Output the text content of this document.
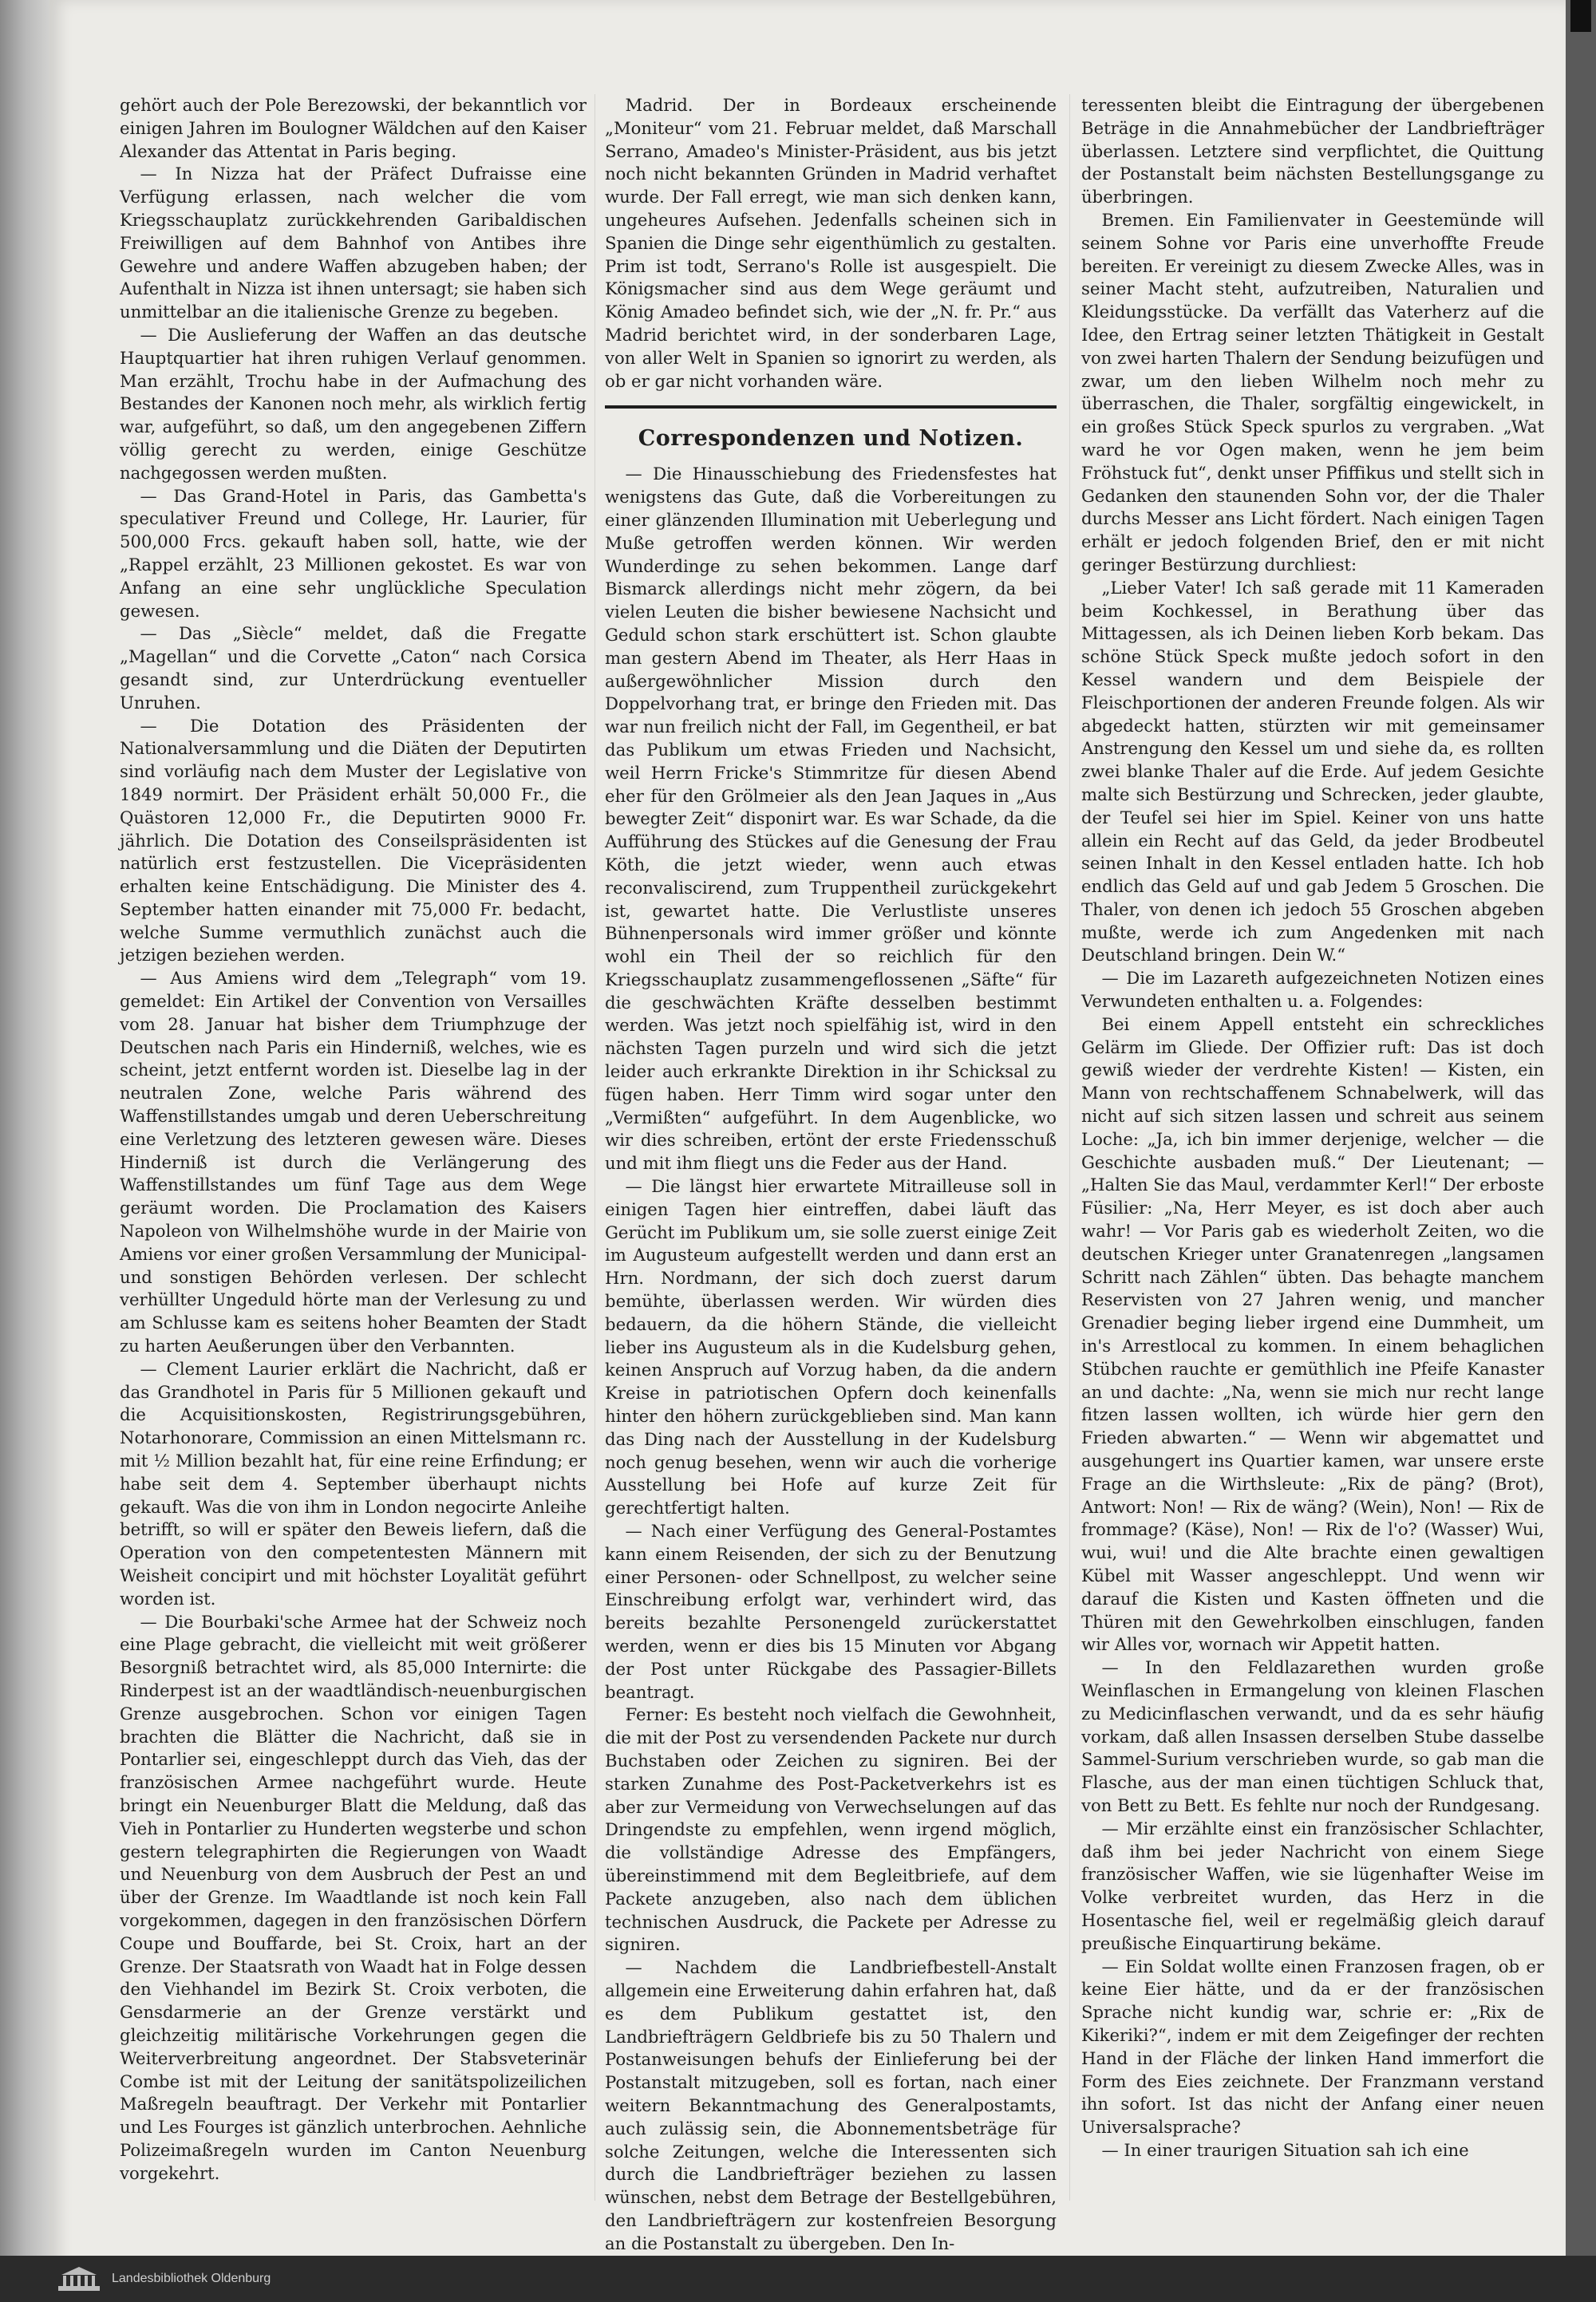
gehört auch der Pole Berezowski, der bekanntlich vor einigen Jahren im Boulogner Wäldchen auf den Kaiser Alexander das Attentat in Paris beging.

— In Nizza hat der Präfect Dufraisse eine Verfügung erlassen, nach welcher die vom Kriegsschauplatz zurückkehrenden Garibaldischen Freiwilligen auf dem Bahnhof von Antibes ihre Gewehre und andere Waffen abzugeben haben; der Aufenthalt in Nizza ist ihnen untersagt; sie haben sich unmittelbar an die italienische Grenze zu begeben.

— Die Auslieferung der Waffen an das deutsche Hauptquartier hat ihren ruhigen Verlauf genommen. Man erzählt, Trochu habe in der Aufmachung des Bestandes der Kanonen noch mehr, als wirklich fertig war, aufgeführt, so daß, um den angegebenen Ziffern völlig gerecht zu werden, einige Geschütze nachgegossen werden mußten.

— Das Grand-Hotel in Paris, das Gambetta's speculativer Freund und College, Hr. Laurier, für 500,000 Frcs. gekauft haben soll, hatte, wie der „Rappel erzählt, 23 Millionen gekostet. Es war von Anfang an eine sehr unglückliche Speculation gewesen.

— Das „Siècle“ meldet, daß die Fregatte „Magellan“ und die Corvette „Caton“ nach Corsica gesandt sind, zur Unterdrückung eventueller Unruhen.

— Die Dotation des Präsidenten der Nationalversammlung und die Diäten der Deputirten sind vorläufig nach dem Muster der Legislative von 1849 normirt. Der Präsident erhält 50,000 Fr., die Quästoren 12,000 Fr., die Deputirten 9000 Fr. jährlich. Die Dotation des Conseilspräsidenten ist natürlich erst festzustellen. Die Vicepräsidenten erhalten keine Entschädigung. Die Minister des 4. September hatten einander mit 75,000 Fr. bedacht, welche Summe vermuthlich zunächst auch die jetzigen beziehen werden.

— Aus Amiens wird dem „Telegraph“ vom 19. gemeldet: Ein Artikel der Convention von Versailles vom 28. Januar hat bisher dem Triumphzuge der Deutschen nach Paris ein Hinderniß, welches, wie es scheint, jetzt entfernt worden ist. Dieselbe lag in der neutralen Zone, welche Paris während des Waffenstillstandes umgab und deren Ueberschreitung eine Verletzung des letzteren gewesen wäre. Dieses Hinderniß ist durch die Verlängerung des Waffenstillstandes um fünf Tage aus dem Wege geräumt worden. Die Proclamation des Kaisers Napoleon von Wilhelmshöhe wurde in der Mairie von Amiens vor einer großen Versammlung der Municipal- und sonstigen Behörden verlesen. Der schlecht verhüllter Ungeduld hörte man der Verlesung zu und am Schlusse kam es seitens hoher Beamten der Stadt zu harten Aeußerungen über den Verbannten.

— Clement Laurier erklärt die Nachricht, daß er das Grandhotel in Paris für 5 Millionen gekauft und die Acquisitionskosten, Registrirungsgebühren, Notarhonorare, Commission an einen Mittelsmann rc. mit ½ Million bezahlt hat, für eine reine Erfindung; er habe seit dem 4. September überhaupt nichts gekauft. Was die von ihm in London negocirte Anleihe betrifft, so will er später den Beweis liefern, daß die Operation von den competentesten Männern mit Weisheit concipirt und mit höchster Loyalität geführt worden ist.

— Die Bourbaki'sche Armee hat der Schweiz noch eine Plage gebracht, die vielleicht mit weit größerer Besorgniß betrachtet wird, als 85,000 Internirte: die Rinderpest ist an der waadtländisch-neuenburgischen Grenze ausgebrochen. Schon vor einigen Tagen brachten die Blätter die Nachricht, daß sie in Pontarlier sei, eingeschleppt durch das Vieh, das der französischen Armee nachgeführt wurde. Heute bringt ein Neuenburger Blatt die Meldung, daß das Vieh in Pontarlier zu Hunderten wegsterbe und schon gestern telegraphirten die Regierungen von Waadt und Neuenburg von dem Ausbruch der Pest an und über der Grenze. Im Waadtlande ist noch kein Fall vorgekommen, dagegen in den französischen Dörfern Coupe und Bouffarde, bei St. Croix, hart an der Grenze. Der Staatsrath von Waadt hat in Folge dessen den Viehhandel im Bezirk St. Croix verboten, die Gensdarmerie an der Grenze verstärkt und gleichzeitig militärische Vorkehrungen gegen die Weiterverbreitung angeordnet. Der Stabsveterinär Combe ist mit der Leitung der sanitätspolizeilichen Maßregeln beauftragt. Der Verkehr mit Pontarlier und Les Fourges ist gänzlich unterbrochen. Aehnliche Polizeimaßregeln wurden im Canton Neuenburg vorgekehrt.

Madrid. Der in Bordeaux erscheinende „Moniteur“ vom 21. Februar meldet, daß Marschall Serrano, Amadeo's Minister-Präsident, aus bis jetzt noch nicht bekannten Gründen in Madrid verhaftet wurde. Der Fall erregt, wie man sich denken kann, ungeheures Aufsehen. Jedenfalls scheinen sich in Spanien die Dinge sehr eigenthümlich zu gestalten. Prim ist todt, Serrano's Rolle ist ausgespielt. Die Königsmacher sind aus dem Wege geräumt und König Amadeo befindet sich, wie der „N. fr. Pr.“ aus Madrid berichtet wird, in der sonderbaren Lage, von aller Welt in Spanien so ignorirt zu werden, als ob er gar nicht vorhanden wäre.

Correspondenzen und Notizen.

— Die Hinausschiebung des Friedensfestes hat wenigstens das Gute, daß die Vorbereitungen zu einer glänzenden Illumination mit Ueberlegung und Muße getroffen werden können. Wir werden Wunderdinge zu sehen bekommen. Lange darf Bismarck allerdings nicht mehr zögern, da bei vielen Leuten die bisher bewiesene Nachsicht und Geduld schon stark erschüttert ist. Schon glaubte man gestern Abend im Theater, als Herr Haas in außergewöhnlicher Mission durch den Doppelvorhang trat, er bringe den Frieden mit. Das war nun freilich nicht der Fall, im Gegentheil, er bat das Publikum um etwas Frieden und Nachsicht, weil Herrn Fricke's Stimmritze für diesen Abend eher für den Grölmeier als den Jean Jaques in „Aus bewegter Zeit“ disponirt war. Es war Schade, da die Aufführung des Stückes auf die Genesung der Frau Köth, die jetzt wieder, wenn auch etwas reconvaliscirend, zum Truppentheil zurückgekehrt ist, gewartet hatte. Die Verlustliste unseres Bühnenpersonals wird immer größer und könnte wohl ein Theil der so reichlich für den Kriegsschauplatz zusammengeflossenen „Säfte“ für die geschwächten Kräfte desselben bestimmt werden. Was jetzt noch spielfähig ist, wird in den nächsten Tagen purzeln und wird sich die jetzt leider auch erkrankte Direktion in ihr Schicksal zu fügen haben. Herr Timm wird sogar unter den „Vermißten“ aufgeführt. In dem Augenblicke, wo wir dies schreiben, ertönt der erste Friedensschuß und mit ihm fliegt uns die Feder aus der Hand.

— Die längst hier erwartete Mitrailleuse soll in einigen Tagen hier eintreffen, dabei läuft das Gerücht im Publikum um, sie solle zuerst einige Zeit im Augusteum aufgestellt werden und dann erst an Hrn. Nordmann, der sich doch zuerst darum bemühte, überlassen werden. Wir würden dies bedauern, da die höhern Stände, die vielleicht lieber ins Augusteum als in die Kudelsburg gehen, keinen Anspruch auf Vorzug haben, da die andern Kreise in patriotischen Opfern doch keinenfalls hinter den höhern zurückgeblieben sind. Man kann das Ding nach der Ausstellung in der Kudelsburg noch genug besehen, wenn wir auch die vorherige Ausstellung bei Hofe auf kurze Zeit für gerechtfertigt halten.

— Nach einer Verfügung des General-Postamtes kann einem Reisenden, der sich zu der Benutzung einer Personen- oder Schnellpost, zu welcher seine Einschreibung erfolgt war, verhindert wird, das bereits bezahlte Personengeld zurückerstattet werden, wenn er dies bis 15 Minuten vor Abgang der Post unter Rückgabe des Passagier-Billets beantragt.

Ferner: Es besteht noch vielfach die Gewohnheit, die mit der Post zu versendenden Packete nur durch Buchstaben oder Zeichen zu signiren. Bei der starken Zunahme des Post-Packetverkehrs ist es aber zur Vermeidung von Verwechselungen auf das Dringendste zu empfehlen, wenn irgend möglich, die vollständige Adresse des Empfängers, übereinstimmend mit dem Begleitbriefe, auf dem Packete anzugeben, also nach dem üblichen technischen Ausdruck, die Packete per Adresse zu signiren.

— Nachdem die Landbriefbestell-Anstalt allgemein eine Erweiterung dahin erfahren hat, daß es dem Publikum gestattet ist, den Landbriefträgern Geldbriefe bis zu 50 Thalern und Postanweisungen behufs der Einlieferung bei der Postanstalt mitzugeben, soll es fortan, nach einer weitern Bekanntmachung des Generalpostamts, auch zulässig sein, die Abonnementsbeträge für solche Zeitungen, welche die Interessenten sich durch die Landbriefträger beziehen zu lassen wünschen, nebst dem Betrage der Bestellgebühren, den Landbriefträgern zur kostenfreien Besorgung an die Postanstalt zu übergeben. Den In-

teressenten bleibt die Eintragung der übergebenen Beträge in die Annahmebücher der Landbriefträger überlassen. Letztere sind verpflichtet, die Quittung der Postanstalt beim nächsten Bestellungsgange zu überbringen.

Bremen. Ein Familienvater in Geestemünde will seinem Sohne vor Paris eine unverhoffte Freude bereiten. Er vereinigt zu diesem Zwecke Alles, was in seiner Macht steht, aufzutreiben, Naturalien und Kleidungsstücke. Da verfällt das Vaterherz auf die Idee, den Ertrag seiner letzten Thätigkeit in Gestalt von zwei harten Thalern der Sendung beizufügen und zwar, um den lieben Wilhelm noch mehr zu überraschen, die Thaler, sorgfältig eingewickelt, in ein großes Stück Speck spurlos zu vergraben. „Wat ward he vor Ogen maken, wenn he jem beim Fröhstuck fut“, denkt unser Pfiffikus und stellt sich in Gedanken den staunenden Sohn vor, der die Thaler durchs Messer ans Licht fördert. Nach einigen Tagen erhält er jedoch folgenden Brief, den er mit nicht geringer Bestürzung durchliest:

„Lieber Vater! Ich saß gerade mit 11 Kameraden beim Kochkessel, in Berathung über das Mittagessen, als ich Deinen lieben Korb bekam. Das schöne Stück Speck mußte jedoch sofort in den Kessel wandern und dem Beispiele der Fleischportionen der anderen Freunde folgen. Als wir abgedeckt hatten, stürzten wir mit gemeinsamer Anstrengung den Kessel um und siehe da, es rollten zwei blanke Thaler auf die Erde. Auf jedem Gesichte malte sich Bestürzung und Schrecken, jeder glaubte, der Teufel sei hier im Spiel. Keiner von uns hatte allein ein Recht auf das Geld, da jeder Brodbeutel seinen Inhalt in den Kessel entladen hatte. Ich hob endlich das Geld auf und gab Jedem 5 Groschen. Die Thaler, von denen ich jedoch 55 Groschen abgeben mußte, werde ich zum Angedenken mit nach Deutschland bringen. Dein W.“

— Die im Lazareth aufgezeichneten Notizen eines Verwundeten enthalten u. a. Folgendes:

Bei einem Appell entsteht ein schreckliches Gelärm im Gliede. Der Offizier ruft: Das ist doch gewiß wieder der verdrehte Kisten! — Kisten, ein Mann von rechtschaffenem Schnabelwerk, will das nicht auf sich sitzen lassen und schreit aus seinem Loche: „Ja, ich bin immer derjenige, welcher — die Geschichte ausbaden muß.“ Der Lieutenant; — „Halten Sie das Maul, verdammter Kerl!“ Der erboste Füsilier: „Na, Herr Meyer, es ist doch aber auch wahr! — Vor Paris gab es wiederholt Zeiten, wo die deutschen Krieger unter Granatenregen „langsamen Schritt nach Zählen“ übten. Das behagte manchem Reservisten von 27 Jahren wenig, und mancher Grenadier beging lieber irgend eine Dummheit, um in's Arrestlocal zu kommen. In einem behaglichen Stübchen rauchte er gemüthlich ine Pfeife Kanaster an und dachte: „Na, wenn sie mich nur recht lange fitzen lassen wollten, ich würde hier gern den Frieden abwarten.“ — Wenn wir abgemattet und ausgehungert ins Quartier kamen, war unsere erste Frage an die Wirthsleute: „Rix de päng? (Brot), Antwort: Non! — Rix de wäng? (Wein), Non! — Rix de frommage? (Käse), Non! — Rix de l'o? (Wasser) Wui, wui, wui! und die Alte brachte einen gewaltigen Kübel mit Wasser angeschleppt. Und wenn wir darauf die Kisten und Kasten öffneten und die Thüren mit den Gewehrkolben einschlugen, fanden wir Alles vor, wornach wir Appetit hatten.

— In den Feldlazarethen wurden große Weinflaschen in Ermangelung von kleinen Flaschen zu Medicinflaschen verwandt, und da es sehr häufig vorkam, daß allen Insassen derselben Stube dasselbe Sammel-Surium verschrieben wurde, so gab man die Flasche, aus der man einen tüchtigen Schluck that, von Bett zu Bett. Es fehlte nur noch der Rundgesang.

— Mir erzählte einst ein französischer Schlachter, daß ihm bei jeder Nachricht von einem Siege französischer Waffen, wie sie lügenhafter Weise im Volke verbreitet wurden, das Herz in die Hosentasche fiel, weil er regelmäßig gleich darauf preußische Einquartirung bekäme.

— Ein Soldat wollte einen Franzosen fragen, ob er keine Eier hätte, und da er der französischen Sprache nicht kundig war, schrie er: „Rix de Kikeriki?“, indem er mit dem Zeigefinger der rechten Hand in der Fläche der linken Hand immerfort die Form des Eies zeichnete. Der Franzmann verstand ihn sofort. Ist das nicht der Anfang einer neuen Universalsprache?

— In einer traurigen Situation sah ich eine

Landesbibliothek Oldenburg
